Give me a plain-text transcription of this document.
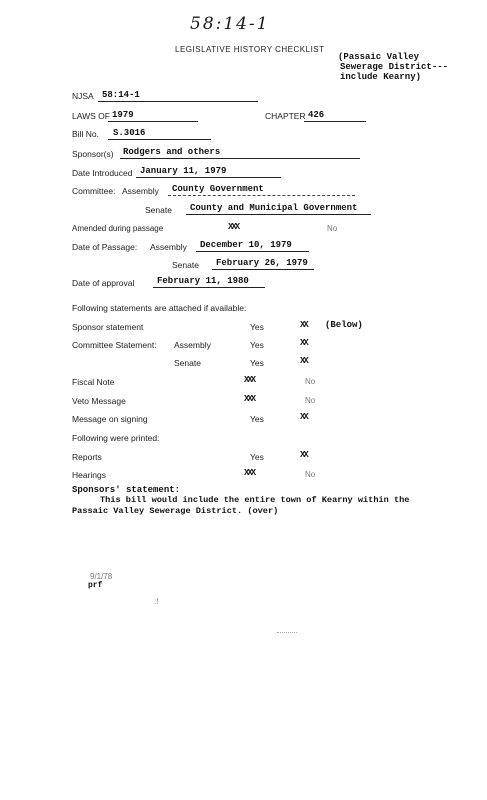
58:14-1
LEGISLATIVE HISTORY CHECKLIST
(Passaic Valley
Sewerage District---
include Kearny)
NJSA 58:14-1
LAWS OF 1979	CHAPTER 426
Bill No. S.3016
Sponsor(s) Rodgers and others
Date Introduced January 11, 1979
Committee: Assembly County Government
Senate County and Municipal Government
Amended during passage	XXX	No
Date of Passage: Assembly December 10, 1979
Senate February 26, 1979
Date of approval	February 11, 1980
Following statements are attached if available:
Sponsor statement	Yes	XX (Below)
Committee Statement: Assembly	Yes	XX
Senate	Yes	XX
Fiscal Note	XXX	No
Veto Message	XXX	No
Message on signing	Yes	XX
Following were printed:
Reports	Yes	XX
Hearings	XXX	No
Sponsors' statement:
This bill would include the entire town of Kearny within the
Passaic Valley Sewerage District. (over)
9/1/78
prf
:!
